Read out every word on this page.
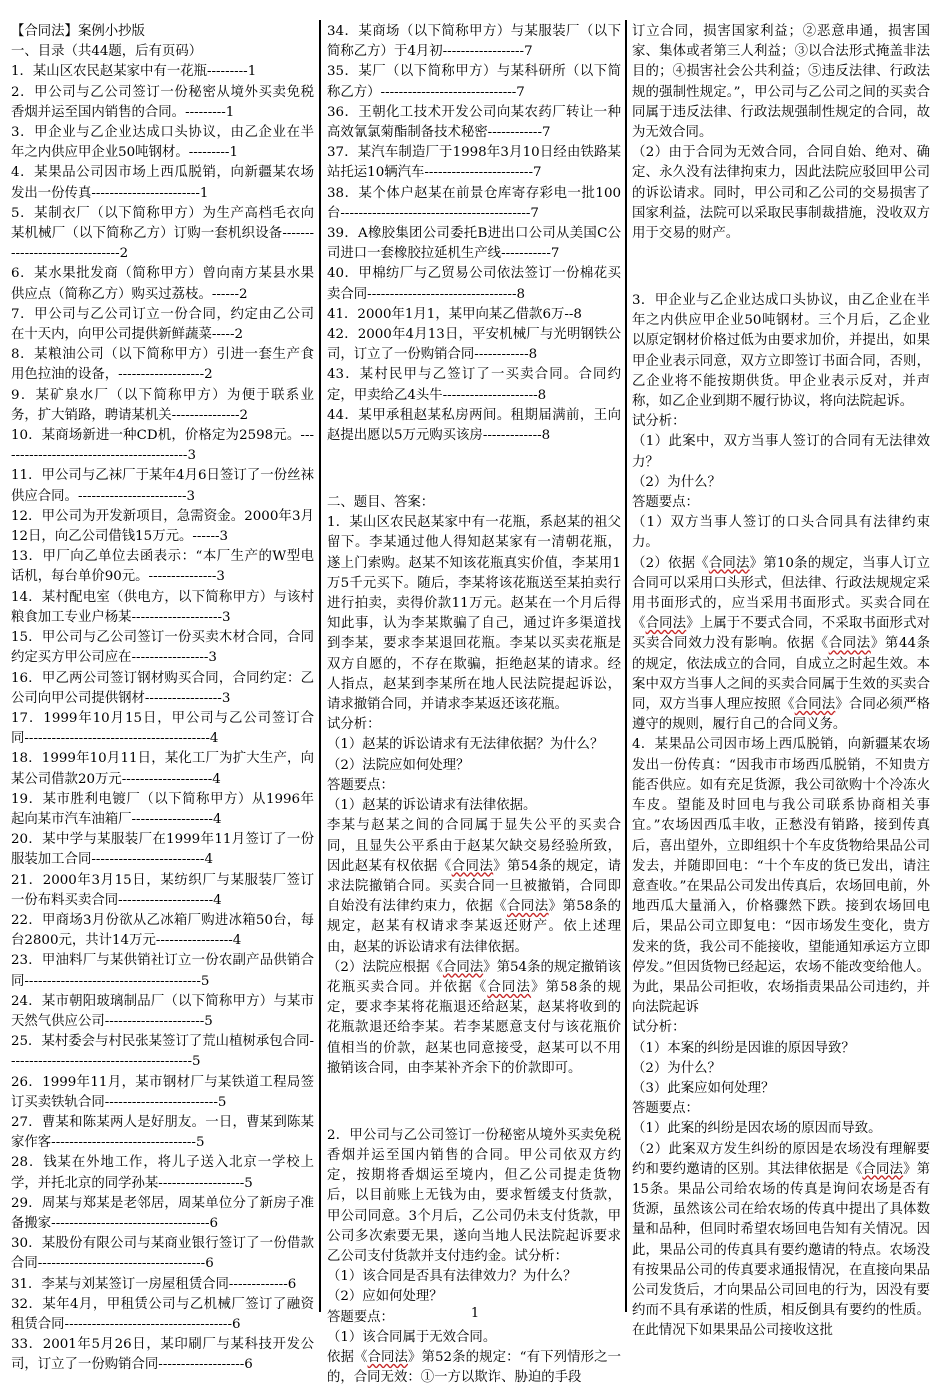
【合同法】案例小抄版

一、目录（共44题，后有页码）

1．某山区农民赵某家中有一花瓶---------1

2．甲公司与乙公司签订一份秘密从境外买卖免税香烟并运至国内销售的合同。---------1

3．甲企业与乙企业达成口头协议，由乙企业在半年之内供应甲企业50吨钢材。---------1

4．某果品公司因市场上西瓜脱销，向新疆某农场发出一份传真------------------------1

5．某制衣厂（以下简称甲方）为生产高档毛衣向某机械厂（以下简称乙方）订购一套机织设备-------------------------------2

6．某水果批发商（简称甲方）曾向南方某县水果供应点（简称乙方）购买过荔枝。------2

7．甲公司与乙公司订立一份合同，约定由乙公司在十天内，向甲公司提供新鲜蔬菜-----2

8．某粮油公司（以下简称甲方）引进一套生产食用色拉油的设备，-------------------2

9．某矿泉水厂（以下简称甲方）为便于联系业务，扩大销路，聘请某机关---------------2

10．某商场新进一种CD机，价格定为2598元。------------------------------------------3

11．甲公司与乙袜厂于某年4月6日签订了一份丝袜供应合同。------------------------3

12．甲公司为开发新项目，急需资金。2000年3月12日，向乙公司借钱15万元。------3

13．甲厂向乙单位去函表示：“本厂生产的W型电话机，每台单价90元。---------------3

14．某村配电室（供电方，以下简称甲方）与该村粮食加工专业户杨某--------------------3

15．甲公司与乙公司签订一份买卖木材合同，合同约定买方甲公司应在-----------------3

16．甲乙两公司签订钢材购买合同，合同约定：乙公司向甲公司提供钢材-----------------3

17．1999年10月15日，甲公司与乙公司签订合同-----------------------------------------4

18．1999年10月11日，某化工厂为扩大生产，向某公司借款20万元--------------------4

19．某市胜利电镀厂（以下简称甲方）从1996年起向某市汽车油箱厂------------------4

20．某中学与某服装厂在1999年11月签订了一份服装加工合同-------------------------4

21．2000年3月15日，某纺织厂与某服装厂签订一份布料买卖合同---------------------4

22．甲商场3月份欲从乙冰箱厂购进冰箱50台，每台2800元，共计14万元-----------------4

23．甲油料厂与某供销社订立一份农副产品供销合同---------------------------------------5

24．某市朝阳玻璃制品厂（以下简称甲方）与某市天然气供应公司----------------------5

25．某村委会与村民张某签订了荒山植树承包合同-----------------------------------------5

26．1999年11月，某市钢材厂与某铁道工程局签订买卖铁轨合同-------------------------5

27．曹某和陈某两人是好朋友。一日，曹某到陈某家作客--------------------------------5

28．钱某在外地工作，将儿子送入北京一学校上学，并托北京的同学孙某-------------------5

29．周某与郑某是老邻居，周某单位分了新房子准备搬家-----------------------------------6

30．某股份有限公司与某商业银行签订了一份借款合同-------------------------------------6

31．李某与刘某签订一房屋租赁合同-------------6

32．某年4月，甲租赁公司与乙机械厂签订了融资租赁合同-------------------------------------6

33．2001年5月26日，某印刷厂与某科技开发公司，订立了一份购销合同-------------------6

34．某商场（以下简称甲方）与某服装厂（以下简称乙方）于4月初------------------7

35．某厂（以下简称甲方）与某科研所（以下简称乙方）------------------------------7

36．王朝化工技术开发公司向某农药厂转让一种高效氰氯菊酯制备技术秘密------------7

37．某汽车制造厂于1998年3月10日经由铁路某站托运10辆汽车------------------------7

38．某个体户赵某在前景仓库寄存彩电一批100台------------------------------------------7

39．A橡胶集团公司委托B进出口公司从美国C公司进口一套橡胶拉延机生产线-----------7

40．甲棉纺厂与乙贸易公司依法签订一份棉花买卖合同---------------------------------8

41．2000年1月1，某甲向某乙借款6万--8

42．2000年4月13日，平安机械厂与光明钢铁公司，订立了一份购销合同------------8

43．某村民甲与乙签订了一买卖合同。合同约定，甲卖给乙4头牛---------------------8

44．某甲承租赵某私房两间。租期届满前，王向赵提出愿以5万元购买该房-------------8

二、题目、答案：

1．某山区农民赵某家中有一花瓶，系赵某的祖父留下。李某通过他人得知赵某家有一清朝花瓶，遂上门索购。赵某不知该花瓶真实价值，李某用1万5千元买下。随后，李某将该花瓶送至某拍卖行进行拍卖，卖得价款11万元。赵某在一个月后得知此事，认为李某欺骗了自己，通过许多渠道找到李某，要求李某退回花瓶。李某以买卖花瓶是双方自愿的，不存在欺骗，拒绝赵某的请求。经人指点，赵某到李某所在地人民法院提起诉讼，请求撤销合同，并请求李某返还该花瓶。

试分析：

（1）赵某的诉讼请求有无法律依据？为什么？

（2）法院应如何处理？

答题要点：

（1）赵某的诉讼请求有法律依据。

李某与赵某之间的合同属于显失公平的买卖合同，且显失公平系由于赵某欠缺交易经验所致，因此赵某有权依据《合同法》第54条的规定，请求法院撤销合同。买卖合同一旦被撤销，合同即自始没有法律约束力，依据《合同法》第58条的规定，赵某有权请求李某返还财产。依上述理由，赵某的诉讼请求有法律依据。

（2）法院应根据《合同法》第54条的规定撤销该花瓶买卖合同。并依据《合同法》第58条的规定，要求李某将花瓶退还给赵某，赵某将收到的花瓶款退还给李某。若李某愿意支付与该花瓶价值相当的价款，赵某也同意接受，赵某可以不用撤销该合同，由李某补齐余下的价款即可。

2．甲公司与乙公司签订一份秘密从境外买卖免税香烟并运至国内销售的合同。甲公司依双方约定，按期将香烟运至境内，但乙公司提走货物后，以目前账上无钱为由，要求暂缓支付货款，甲公司同意。3个月后，乙公司仍未支付货款，甲公司多次索要无果，遂向当地人民法院起诉要求乙公司支付货款并支付违约金。试分析：

（1）该合同是否具有法律效力？为什么？

（2）应如何处理？

答题要点：

（1）该合同属于无效合同。

依据《合同法》第52条的规定：“有下列情形之一的，合同无效：①一方以欺诈、胁迫的手段

订立合同，损害国家利益；②恶意串通，损害国家、集体或者第三人利益；③以合法形式掩盖非法目的；④损害社会公共利益；⑤违反法律、行政法规的强制性规定。”，甲公司与乙公司之间的买卖合同属于违反法律、行政法规强制性规定的合同，故为无效合同。

（2）由于合同为无效合同，合同自始、绝对、确定、永久没有法律拘束力，因此法院应驳回甲公司的诉讼请求。同时，甲公司和乙公司的交易损害了国家利益，法院可以采取民事制裁措施，没收双方用于交易的财产。

3．甲企业与乙企业达成口头协议，由乙企业在半年之内供应甲企业50吨钢材。三个月后，乙企业以原定钢材价格过低为由要求加价，并提出，如果甲企业表示同意，双方立即签订书面合同，否则，乙企业将不能按期供货。甲企业表示反对，并声称，如乙企业到期不履行协议，将向法院起诉。

试分析：

（1）此案中，双方当事人签订的合同有无法律效力？

（2）为什么？

答题要点：

（1）双方当事人签订的口头合同具有法律约束力。

（2）依据《合同法》第10条的规定，当事人订立合同可以采用口头形式，但法律、行政法规规定采用书面形式的，应当采用书面形式。买卖合同在《合同法》上属于不要式合同，不采取书面形式对买卖合同效力没有影响。依据《合同法》第44条的规定，依法成立的合同，自成立之时起生效。本案中双方当事人之间的买卖合同属于生效的买卖合同，双方当事人理应按照《合同法》合同必须严格遵守的规则，履行自己的合同义务。

4．某果品公司因市场上西瓜脱销，向新疆某农场发出一份传真：“因我市市场西瓜脱销，不知贵方能否供应。如有充足货源，我公司欲购十个冷冻火车皮。望能及时回电与我公司联系协商相关事宜。”农场因西瓜丰收，正愁没有销路，接到传真后，喜出望外，立即组织十个车皮货物给果品公司发去，并随即回电：“十个车皮的货已发出，请注意查收。”在果品公司发出传真后，农场回电前，外地西瓜大量涌入，价格骤然下跌。接到农场回电后，果品公司立即复电：“因市场发生变化，贵方发来的货，我公司不能接收，望能通知承运方立即停发。”但因货物已经起运，农场不能改变给他人。为此，果品公司拒收，农场指责果品公司违约，并向法院起诉

试分析：

（1）本案的纠纷是因谁的原因导致？

（2）为什么？

（3）此案应如何处理？

答题要点：

（1）此案的纠纷是因农场的原因而导致。

（2）此案双方发生纠纷的原因是农场没有理解要约和要约邀请的区别。其法律依据是《合同法》第15条。果品公司给农场的传真是询问农场是否有货源，虽然该公司在给农场的传真中提出了具体数量和品种，但同时希望农场回电告知有关情况。因此，果品公司的传真具有要约邀请的特点。农场没有按果品公司的传真要求通报情况，在直接向果品公司发货后，才向果品公司回电的行为，因没有要约而不具有承诺的性质，相反倒具有要约的性质。在此情况下如果果品公司接收这批

1
